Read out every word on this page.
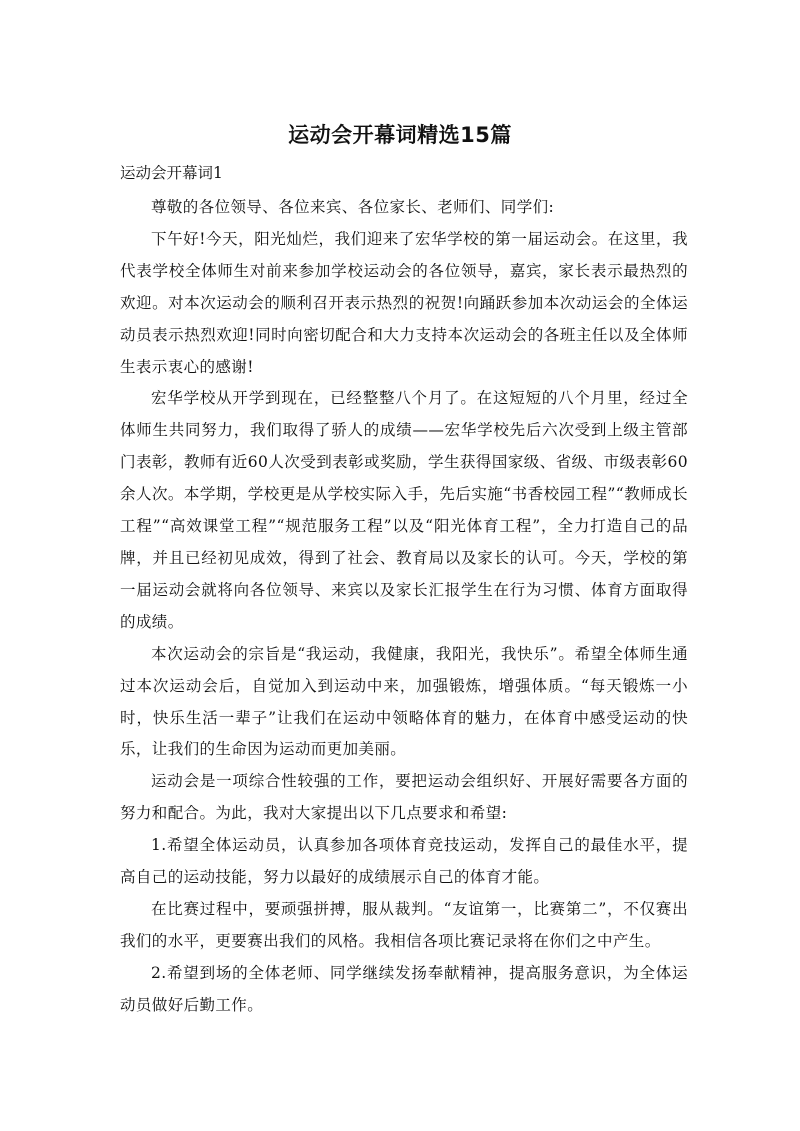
运动会开幕词精选15篇
运动会开幕词1

尊敬的各位领导、各位来宾、各位家长、老师们、同学们:

下午好!今天，阳光灿烂，我们迎来了宏华学校的第一届运动会。在这里，我代表学校全体师生对前来参加学校运动会的各位领导，嘉宾，家长表示最热烈的欢迎。对本次运动会的顺利召开表示热烈的祝贺!向踊跃参加本次动运会的全体运动员表示热烈欢迎!同时向密切配合和大力支持本次运动会的各班主任以及全体师生表示衷心的感谢!

宏华学校从开学到现在，已经整整八个月了。在这短短的八个月里，经过全体师生共同努力，我们取得了骄人的成绩——宏华学校先后六次受到上级主管部门表彰，教师有近60人次受到表彰或奖励，学生获得国家级、省级、市级表彰60余人次。本学期，学校更是从学校实际入手，先后实施“书香校园工程”“教师成长工程”“高效课堂工程”“规范服务工程”以及“阳光体育工程”，全力打造自己的品牌，并且已经初见成效，得到了社会、教育局以及家长的认可。今天，学校的第一届运动会就将向各位领导、来宾以及家长汇报学生在行为习惯、体育方面取得的成绩。

本次运动会的宗旨是“我运动，我健康，我阳光，我快乐”。希望全体师生通过本次运动会后，自觉加入到运动中来，加强锻炼，增强体质。“每天锻炼一小时，快乐生活一辈子”让我们在运动中领略体育的魅力，在体育中感受运动的快乐，让我们的生命因为运动而更加美丽。

运动会是一项综合性较强的工作，要把运动会组织好、开展好需要各方面的努力和配合。为此，我对大家提出以下几点要求和希望:

1.希望全体运动员，认真参加各项体育竞技运动，发挥自己的最佳水平，提高自己的运动技能，努力以最好的成绩展示自己的体育才能。

在比赛过程中，要顽强拼搏，服从裁判。“友谊第一，比赛第二”，不仅赛出我们的水平，更要赛出我们的风格。我相信各项比赛记录将在你们之中产生。

2.希望到场的全体老师、同学继续发扬奉献精神，提高服务意识，为全体运动员做好后勤工作。
